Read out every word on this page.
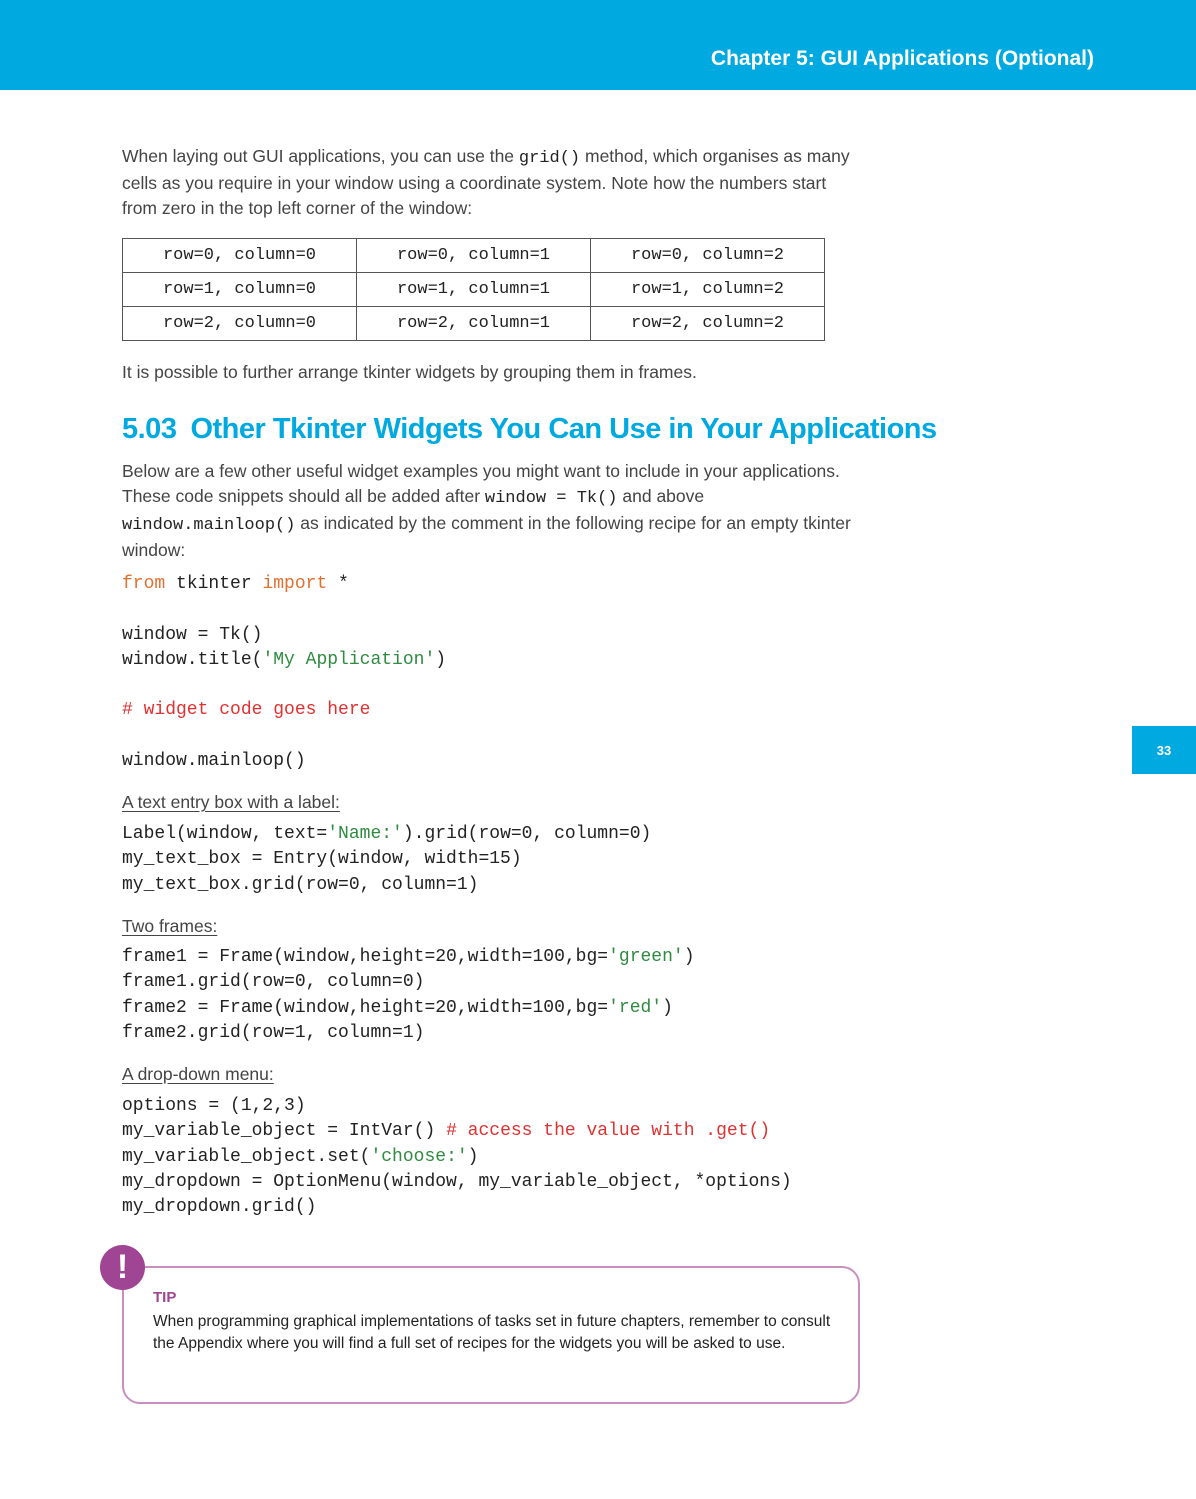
Chapter 5: GUI Applications (Optional)
33

When laying out GUI applications, you can use the grid() method, which organises as many cells as you require in your window using a coordinate system. Note how the numbers start from zero in the top left corner of the window:

row=0, column=0	row=0, column=1	row=0, column=2
row=1, column=0	row=1, column=1	row=1, column=2
row=2, column=0	row=2, column=1	row=2, column=2

It is possible to further arrange tkinter widgets by grouping them in frames.

5.03 Other Tkinter Widgets You Can Use in Your Applications

Below are a few other useful widget examples you might want to include in your applications. These code snippets should all be added after window = Tk() and above window.mainloop() as indicated by the comment in the following recipe for an empty tkinter window:

from tkinter import *

window = Tk()
window.title('My Application')

# widget code goes here

window.mainloop()
A text entry box with a label:
Label(window, text='Name:').grid(row=0, column=0)
my_text_box = Entry(window, width=15)
my_text_box.grid(row=0, column=1)
Two frames:
frame1 = Frame(window,height=20,width=100,bg='green')
frame1.grid(row=0, column=0)
frame2 = Frame(window,height=20,width=100,bg='red')
frame2.grid(row=1, column=1)
A drop-down menu:
options = (1,2,3)
my_variable_object = IntVar() # access the value with .get()
my_variable_object.set('choose:')
my_dropdown = OptionMenu(window, my_variable_object, *options)
my_dropdown.grid()
!
TIP
When programming graphical implementations of tasks set in future chapters, remember to consult the Appendix where you will find a full set of recipes for the widgets you will be asked to use.
